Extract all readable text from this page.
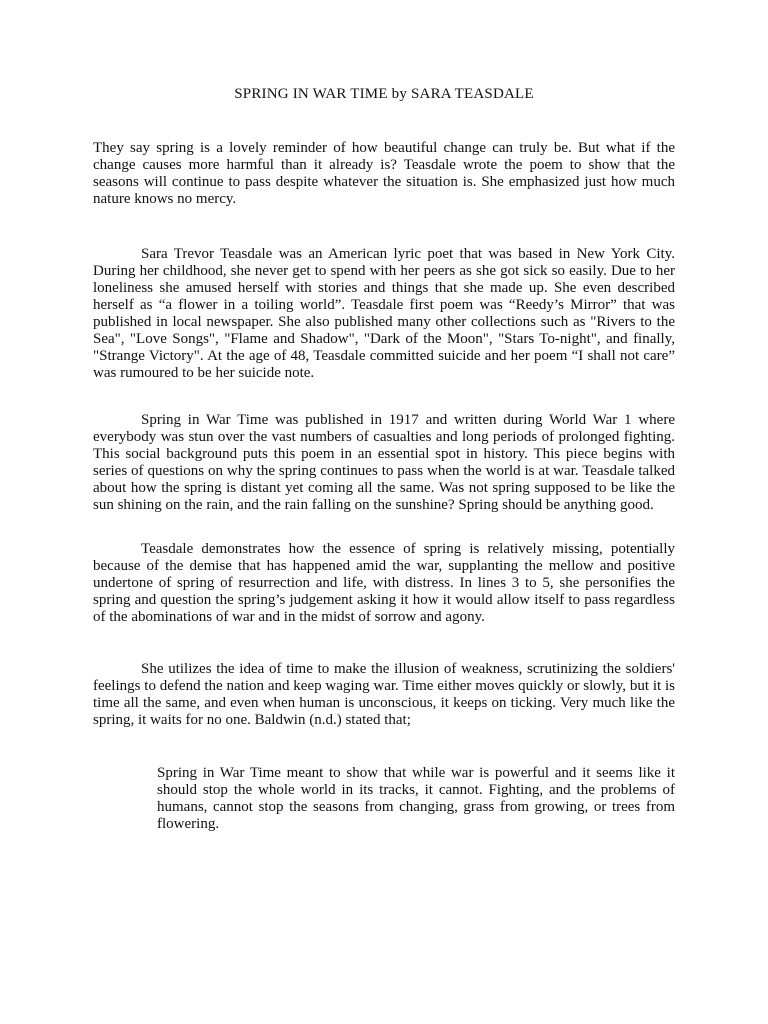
SPRING IN WAR TIME by SARA TEASDALE

They say spring is a lovely reminder of how beautiful change can truly be. But what if the change causes more harmful than it already is? Teasdale wrote the poem to show that the seasons will continue to pass despite whatever the situation is. She emphasized just how much nature knows no mercy.

Sara Trevor Teasdale was an American lyric poet that was based in New York City. During her childhood, she never get to spend with her peers as she got sick so easily. Due to her loneliness she amused herself with stories and things that she made up. She even described herself as “a flower in a toiling world”. Teasdale first poem was “Reedy’s Mirror” that was published in local newspaper. She also published many other collections such as "Rivers to the Sea", "Love Songs", "Flame and Shadow", "Dark of the Moon", "Stars To-night", and finally, "Strange Victory". At the age of 48, Teasdale committed suicide and her poem “I shall not care” was rumoured to be her suicide note.

Spring in War Time was published in 1917 and written during World War 1 where everybody was stun over the vast numbers of casualties and long periods of prolonged fighting. This social background puts this poem in an essential spot in history. This piece begins with series of questions on why the spring continues to pass when the world is at war. Teasdale talked about how the spring is distant yet coming all the same. Was not spring supposed to be like the sun shining on the rain, and the rain falling on the sunshine? Spring should be anything good.

Teasdale demonstrates how the essence of spring is relatively missing, potentially because of the demise that has happened amid the war, supplanting the mellow and positive undertone of spring of resurrection and life, with distress. In lines 3 to 5, she personifies the spring and question the spring’s judgement asking it how it would allow itself to pass regardless of the abominations of war and in the midst of sorrow and agony.

She utilizes the idea of time to make the illusion of weakness, scrutinizing the soldiers' feelings to defend the nation and keep waging war. Time either moves quickly or slowly, but it is time all the same, and even when human is unconscious, it keeps on ticking. Very much like the spring, it waits for no one. Baldwin (n.d.) stated that;

Spring in War Time meant to show that while war is powerful and it seems like it should stop the whole world in its tracks, it cannot. Fighting, and the problems of humans, cannot stop the seasons from changing, grass from growing, or trees from flowering.
